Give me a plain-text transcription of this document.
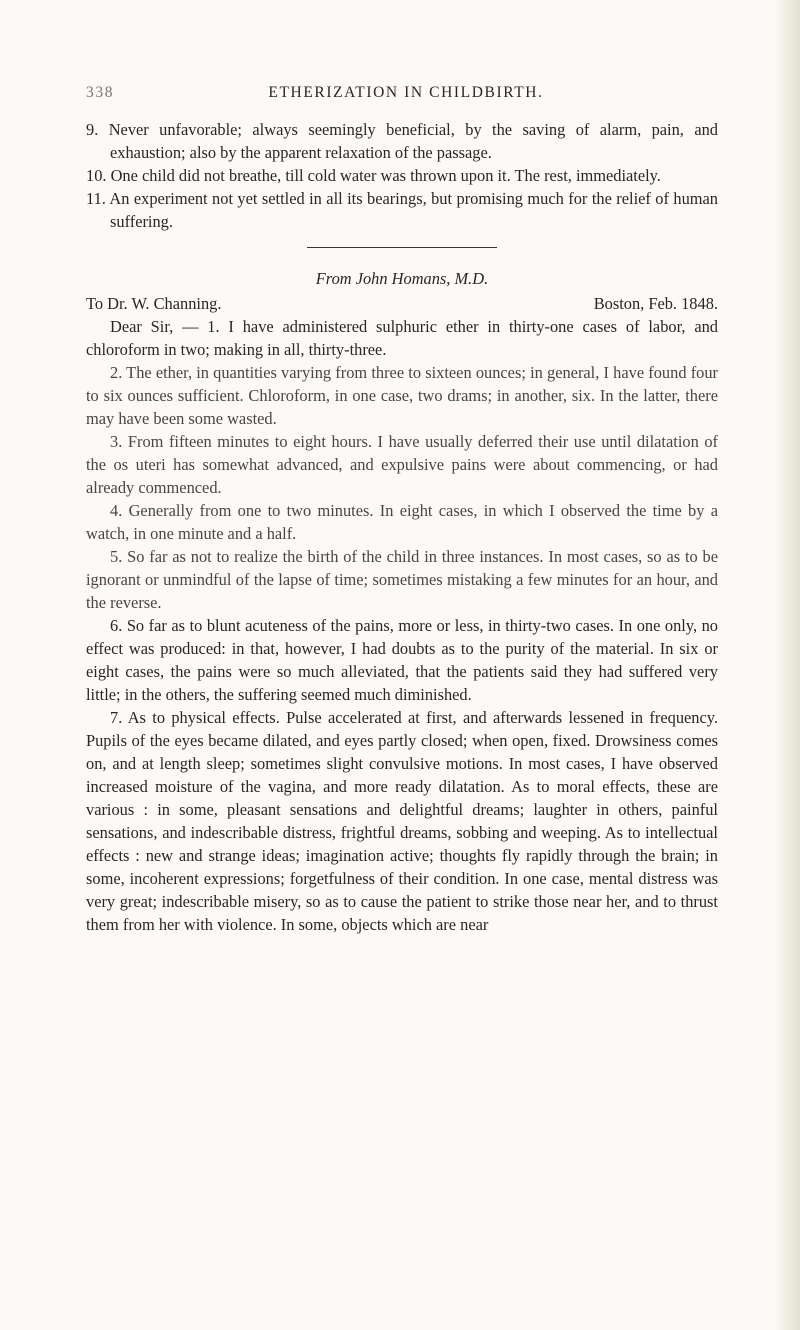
338	ETHERIZATION IN CHILDBIRTH.

9. Never unfavorable; always seemingly beneficial, by the saving of alarm, pain, and exhaustion; also by the apparent relaxation of the passage.

10. One child did not breathe, till cold water was thrown upon it. The rest, immediately.

11. An experiment not yet settled in all its bearings, but promising much for the relief of human suffering.

From John Homans, M.D.

To Dr. W. Channing.	Boston, Feb. 1848.

Dear Sir, — 1. I have administered sulphuric ether in thirty-one cases of labor, and chloroform in two; making in all, thirty-three.

2. The ether, in quantities varying from three to sixteen ounces; in general, I have found four to six ounces sufficient. Chloroform, in one case, two drams; in another, six. In the latter, there may have been some wasted.

3. From fifteen minutes to eight hours. I have usually deferred their use until dilatation of the os uteri has somewhat advanced, and expulsive pains were about commencing, or had already commenced.

4. Generally from one to two minutes. In eight cases, in which I observed the time by a watch, in one minute and a half.

5. So far as not to realize the birth of the child in three instances. In most cases, so as to be ignorant or unmindful of the lapse of time; sometimes mistaking a few minutes for an hour, and the reverse.

6. So far as to blunt acuteness of the pains, more or less, in thirty-two cases. In one only, no effect was produced: in that, however, I had doubts as to the purity of the material. In six or eight cases, the pains were so much alleviated, that the patients said they had suffered very little; in the others, the suffering seemed much diminished.

7. As to physical effects. Pulse accelerated at first, and afterwards lessened in frequency. Pupils of the eyes became dilated, and eyes partly closed; when open, fixed. Drowsiness comes on, and at length sleep; sometimes slight convulsive motions. In most cases, I have observed increased moisture of the vagina, and more ready dilatation. As to moral effects, these are various : in some, pleasant sensations and delightful dreams; laughter in others, painful sensations, and indescribable distress, frightful dreams, sobbing and weeping. As to intellectual effects : new and strange ideas; imagination active; thoughts fly rapidly through the brain; in some, incoherent expressions; forgetfulness of their condition. In one case, mental distress was very great; indescribable misery, so as to cause the patient to strike those near her, and to thrust them from her with violence. In some, objects which are near
